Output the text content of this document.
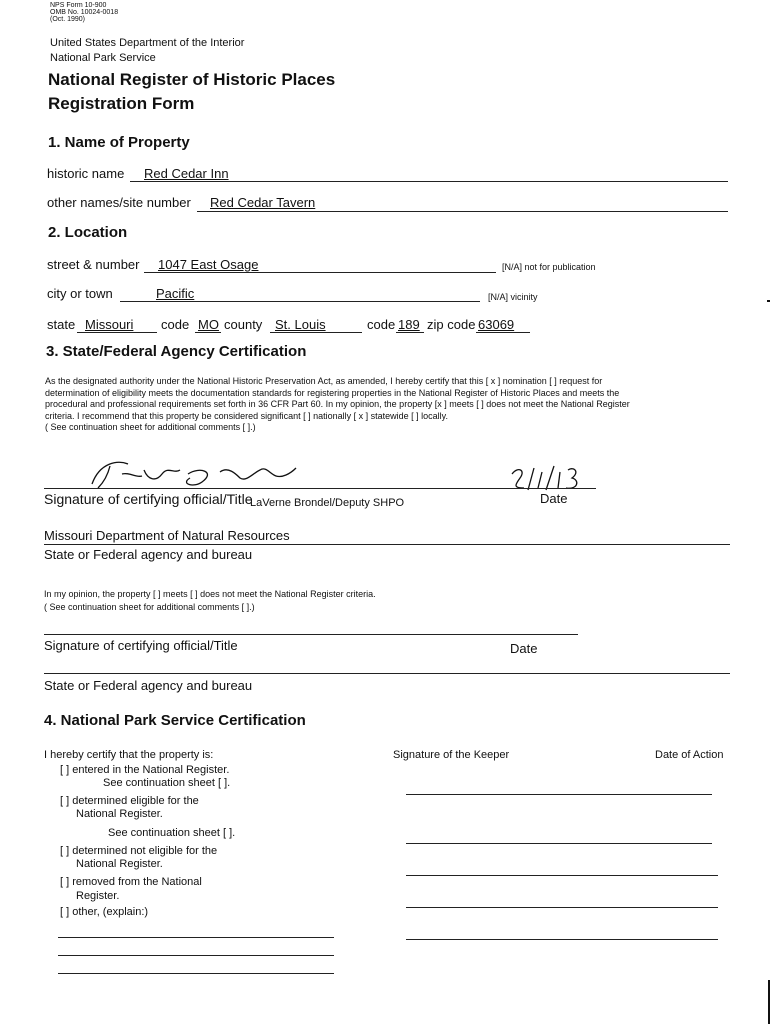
NPS Form 10-900
OMB No. 10024-0018
(Oct. 1990)
United States Department of the Interior
National Park Service
National Register of Historic Places
Registration Form
1. Name of Property
historic name Red Cedar Inn
other names/site number Red Cedar Tavern
2. Location
street & number 1047 East Osage	[N/A] not for publication
city or town	Pacific	[N/A] vicinity
state Missouri code MO county St. Louis	code 189 zip code 63069
3. State/Federal Agency Certification
As the designated authority under the National Historic Preservation Act, as amended, I hereby certify that this [ x ] nomination [ ] request for
determination of eligibility meets the documentation standards for registering properties in the National Register of Historic Places and meets the
procedural and professional requirements set forth in 36 CFR Part 60. In my opinion, the property [x ] meets [ ] does not meet the National Register
criteria. I recommend that this property be considered significant [ ] nationally [ x ] statewide [ ] locally.
( See continuation sheet for additional comments [ ].)
Signature of certifying official/Title
LaVerne Brondel/Deputy SHPO	Date
Missouri Department of Natural Resources
State or Federal agency and bureau
In my opinion, the property [ ] meets [ ] does not meet the National Register criteria.
( See continuation sheet for additional comments [ ].)
Signature of certifying official/Title	Date
State or Federal agency and bureau
4. National Park Service Certification
I hereby certify that the property is:	Signature of the Keeper	Date of Action
[ ] entered in the National Register.
See continuation sheet [ ].
[ ] determined eligible for the
National Register.
See continuation sheet [ ].
[ ] determined not eligible for the
National Register.
[ ] removed from the National
Register.
[ ] other, (explain:)
